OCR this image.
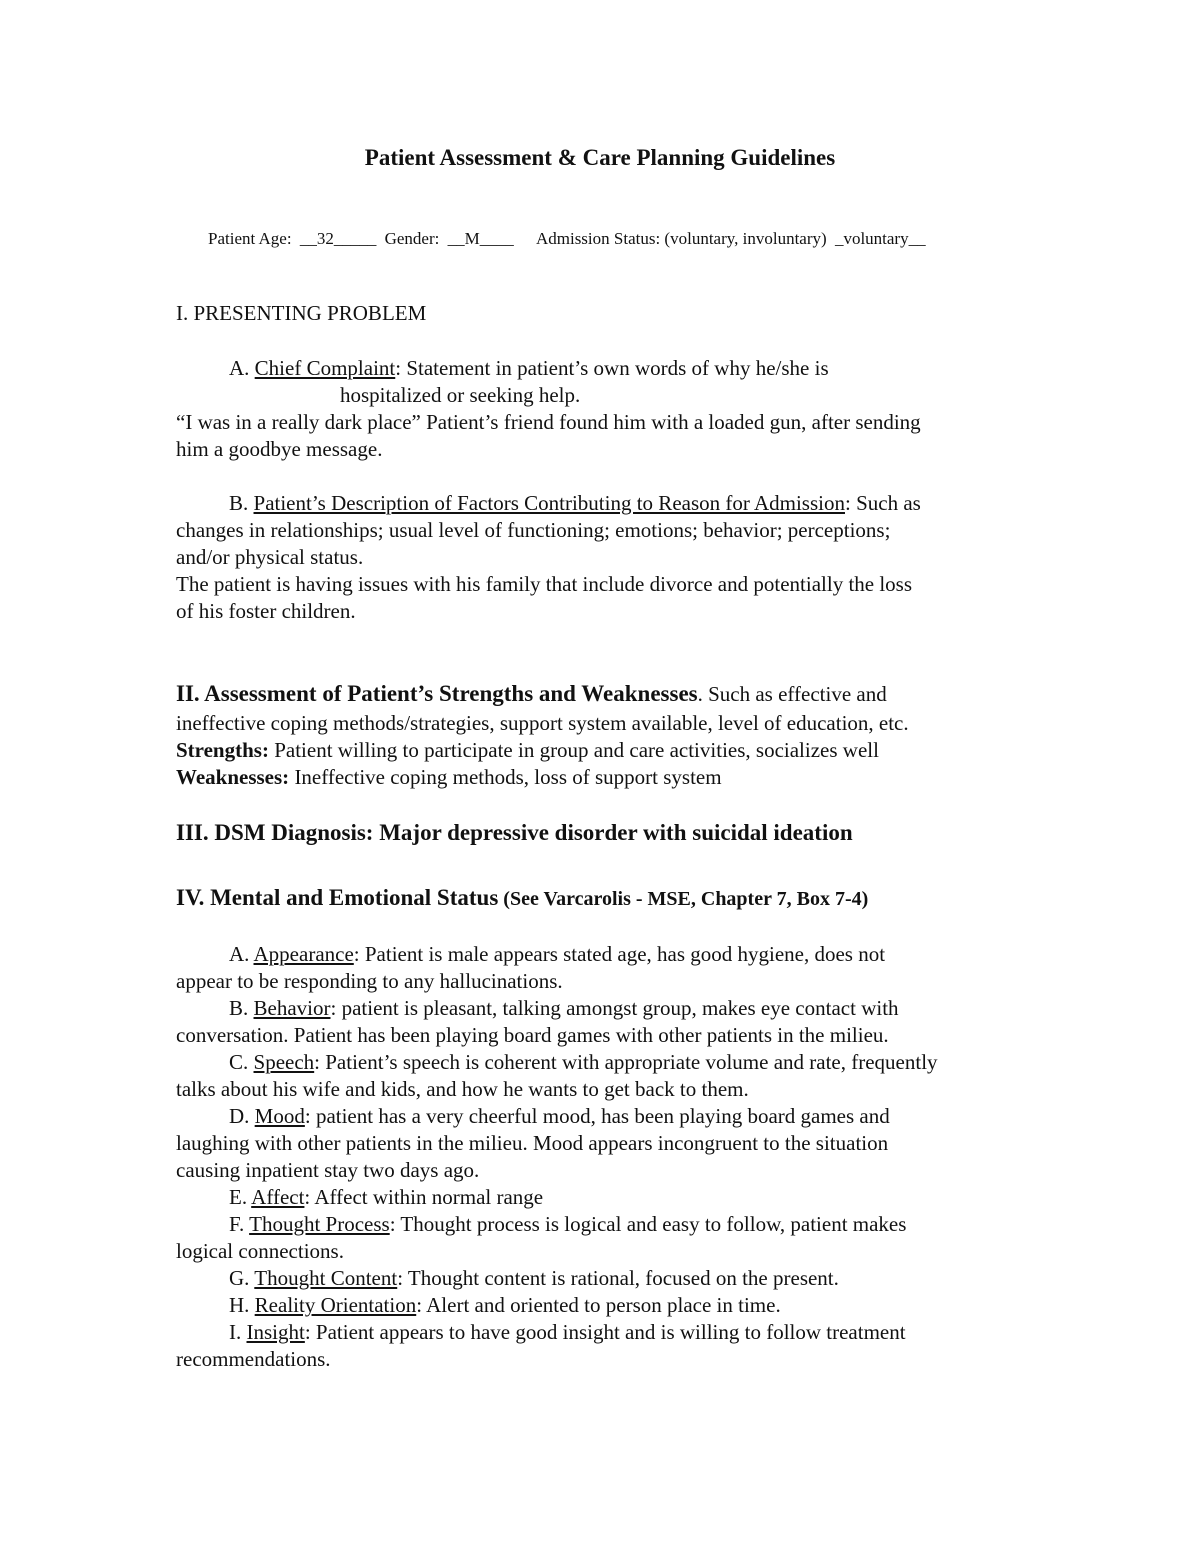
Patient Assessment & Care Planning Guidelines
Patient Age: __32_____ Gender: __M____ Admission Status: (voluntary, involuntary) _voluntary__
I. PRESENTING PROBLEM
A. Chief Complaint: Statement in patient’s own words of why he/she is
hospitalized or seeking help.
“I was in a really dark place” Patient’s friend found him with a loaded gun, after sending
him a goodbye message.
B. Patient’s Description of Factors Contributing to Reason for Admission: Such as
changes in relationships; usual level of functioning; emotions; behavior; perceptions;
and/or physical status.
The patient is having issues with his family that include divorce and potentially the loss
of his foster children.
II. Assessment of Patient’s Strengths and Weaknesses. Such as effective and
ineffective coping methods/strategies, support system available, level of education, etc.
Strengths: Patient willing to participate in group and care activities, socializes well
Weaknesses: Ineffective coping methods, loss of support system
III. DSM Diagnosis: Major depressive disorder with suicidal ideation
IV. Mental and Emotional Status (See Varcarolis - MSE, Chapter 7, Box 7-4)
A. Appearance: Patient is male appears stated age, has good hygiene, does not
appear to be responding to any hallucinations.
B. Behavior: patient is pleasant, talking amongst group, makes eye contact with
conversation. Patient has been playing board games with other patients in the milieu.
C. Speech: Patient’s speech is coherent with appropriate volume and rate, frequently
talks about his wife and kids, and how he wants to get back to them.
D. Mood: patient has a very cheerful mood, has been playing board games and
laughing with other patients in the milieu. Mood appears incongruent to the situation
causing inpatient stay two days ago.
E. Affect: Affect within normal range
F. Thought Process: Thought process is logical and easy to follow, patient makes
logical connections.
G. Thought Content: Thought content is rational, focused on the present.
H. Reality Orientation: Alert and oriented to person place in time.
I. Insight: Patient appears to have good insight and is willing to follow treatment
recommendations.
